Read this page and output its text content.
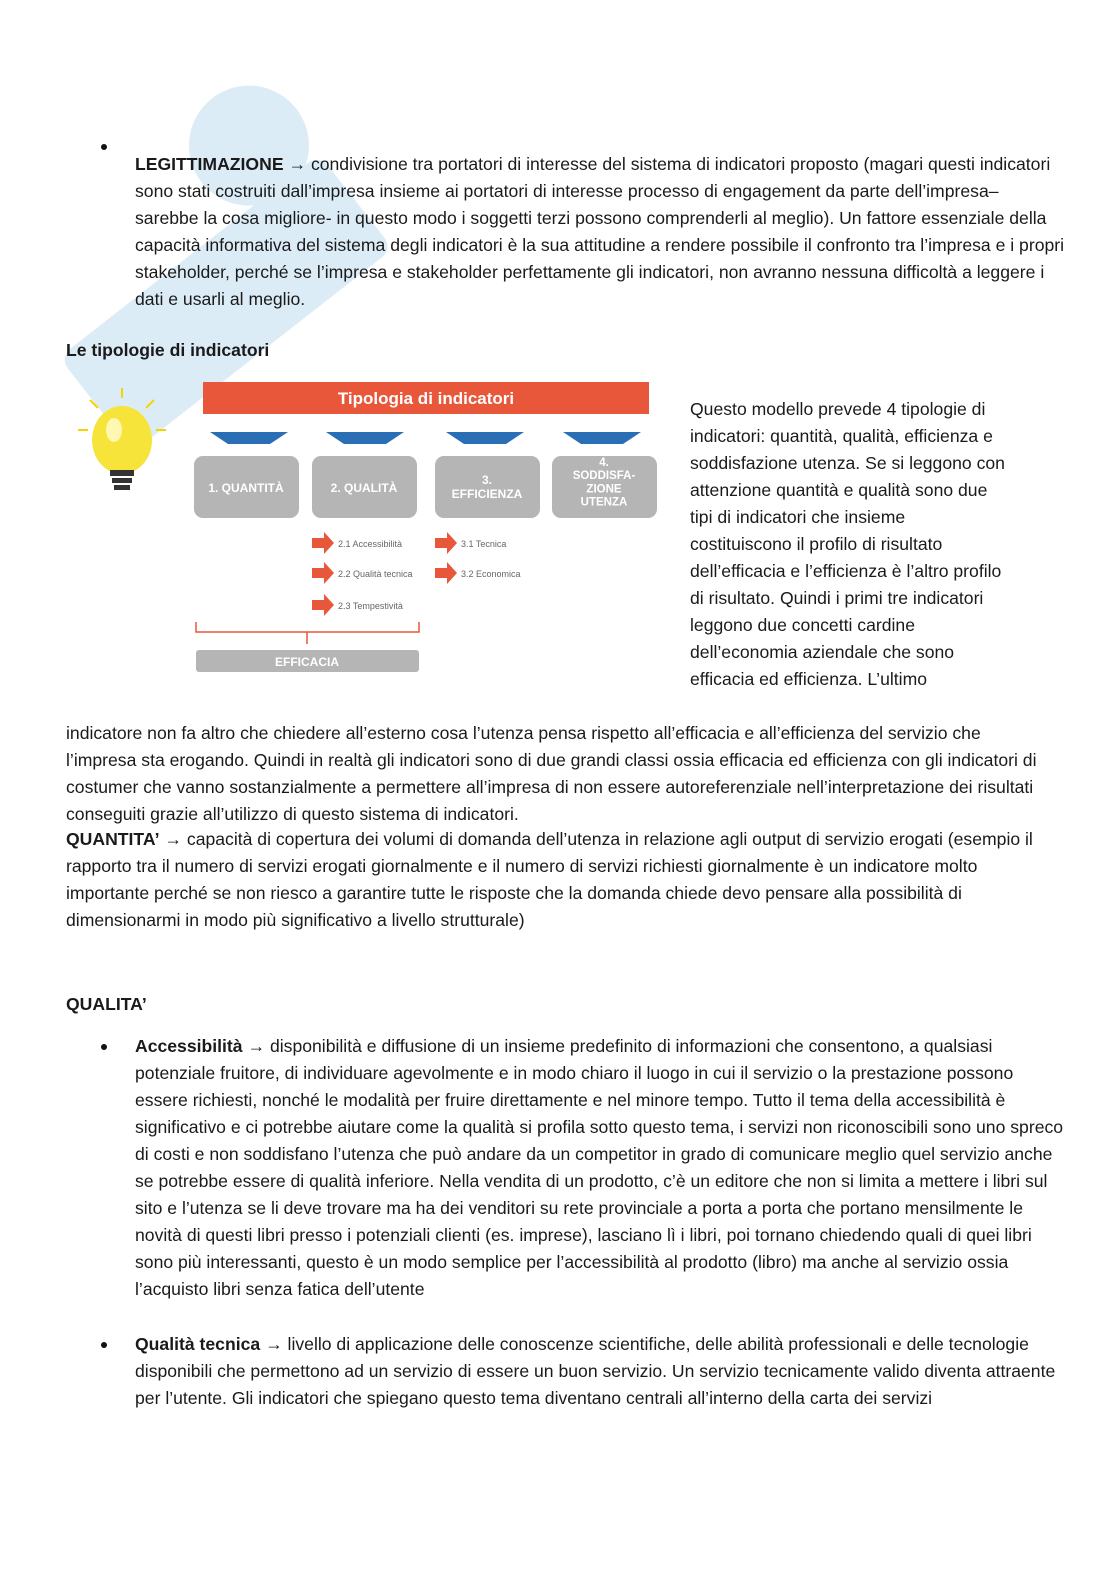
LEGITTIMAZIONE → condivisione tra portatori di interesse del sistema di indicatori proposto (magari questi indicatori sono stati costruiti dall’impresa insieme ai portatori di interesse processo di engagement da parte dell’impresa– sarebbe la cosa migliore- in questo modo i soggetti terzi possono comprenderli al meglio). Un fattore essenziale della capacità informativa del sistema degli indicatori è la sua attitudine a rendere possibile il confronto tra l’impresa e i propri stakeholder, perché se l’impresa e stakeholder perfettamente gli indicatori, non avranno nessuna difficoltà a leggere i dati e usarli al meglio.

Le tipologie di indicatori

Tipologia di indicatori
1. QUANTITÀ	2. QUALITÀ
3. EFFICIENZA
4. SODDISFA-ZIONE UTENZA
2.1 Accessibilità
2.2 Qualità tecnica
2.3 Tempestività
3.1 Tecnica
3.2 Economica
EFFICACIA

Questo modello prevede 4 tipologie di indicatori: quantità, qualità, efficienza e soddisfazione utenza. Se si leggono con attenzione quantità e qualità sono due tipi di indicatori che insieme costituiscono il profilo di risultato dell’efficacia e l’efficienza è l’altro profilo di risultato. Quindi i primi tre indicatori leggono due concetti cardine dell’economia aziendale che sono efficacia ed efficienza. L’ultimo

indicatore non fa altro che chiedere all’esterno cosa l’utenza pensa rispetto all’efficacia e all’efficienza del servizio che l’impresa sta erogando. Quindi in realtà gli indicatori sono di due grandi classi ossia efficacia ed efficienza con gli indicatori di costumer che vanno sostanzialmente a permettere all’impresa di non essere autoreferenziale nell’interpretazione dei risultati conseguiti grazie all’utilizzo di questo sistema di indicatori.

QUANTITA’ → capacità di copertura dei volumi di domanda dell’utenza in relazione agli output di servizio erogati (esempio il rapporto tra il numero di servizi erogati giornalmente e il numero di servizi richiesti giornalmente è un indicatore molto importante perché se non riesco a garantire tutte le risposte che la domanda chiede devo pensare alla possibilità di dimensionarmi in modo più significativo a livello strutturale)

QUALITA’

Accessibilità → disponibilità e diffusione di un insieme predefinito di informazioni che consentono, a qualsiasi potenziale fruitore, di individuare agevolmente e in modo chiaro il luogo in cui il servizio o la prestazione possono essere richiesti, nonché le modalità per fruire direttamente e nel minore tempo. Tutto il tema della accessibilità è significativo e ci potrebbe aiutare come la qualità si profila sotto questo tema, i servizi non riconoscibili sono uno spreco di costi e non soddisfano l’utenza che può andare da un competitor in grado di comunicare meglio quel servizio anche se potrebbe essere di qualità inferiore. Nella vendita di un prodotto, c’è un editore che non si limita a mettere i libri sul sito e l’utenza se li deve trovare ma ha dei venditori su rete provinciale a porta a porta che portano mensilmente le novità di questi libri presso i potenziali clienti (es. imprese), lasciano lì i libri, poi tornano chiedendo quali di quei libri sono più interessanti, questo è un modo semplice per l’accessibilità al prodotto (libro) ma anche al servizio ossia l’acquisto libri senza fatica dell’utente

Qualità tecnica → livello di applicazione delle conoscenze scientifiche, delle abilità professionali e delle tecnologie disponibili che permettono ad un servizio di essere un buon servizio. Un servizio tecnicamente valido diventa attraente per l’utente. Gli indicatori che spiegano questo tema diventano centrali all’interno della carta dei servizi
